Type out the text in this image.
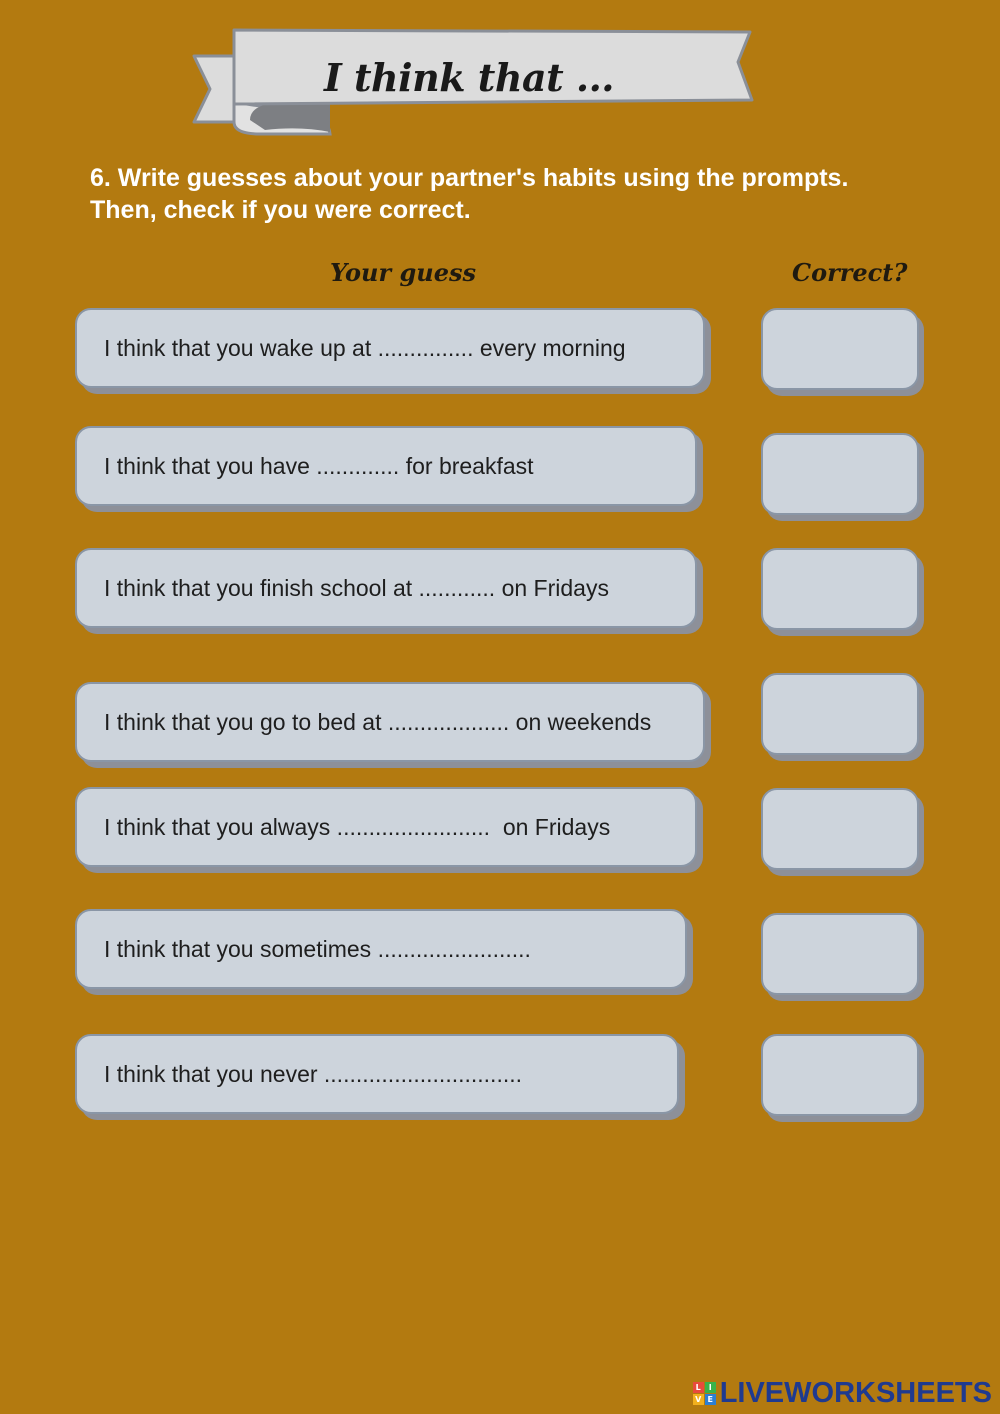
I think that ...
6. Write guesses about your partner's habits using the prompts.
Then, check if you were correct.
Your guess	Correct?
I think that you wake up at ............... every morning
I think that you have ............. for breakfast
I think that you finish school at ............ on Fridays
I think that you go to bed at ................... on weekends
I think that you always ........................  on Fridays
I think that you sometimes ........................
I think that you never ...............................
L I
V E LIVEWORKSHEETS
